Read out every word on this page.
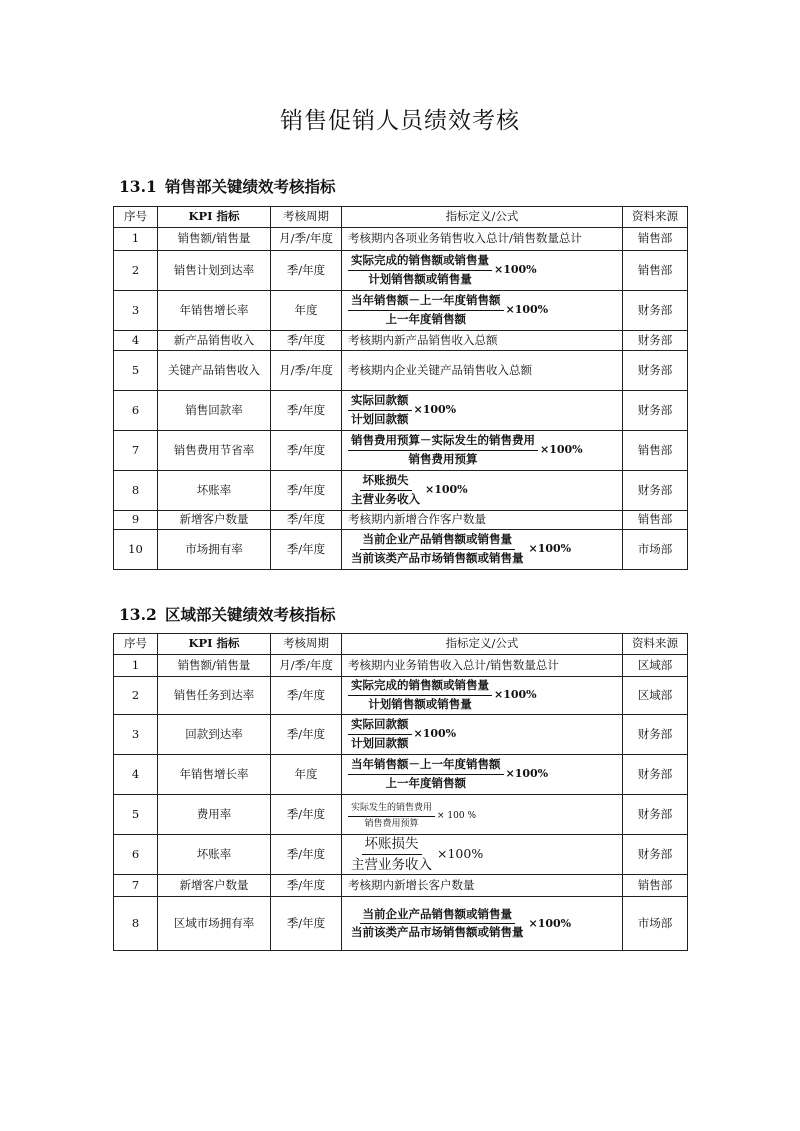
销售促销人员绩效考核
13.1 销售部关键绩效考核指标
序号	KPI 指标	考核周期	指标定义/公式	资料来源
1	销售额/销售量	月/季/年度	考核期内各项业务销售收入总计/销售数量总计	销售部
2	销售计划到达率	季/年度	$\frac{\text{实际完成的销售额或销售量}}{\text{计划销售额或销售量}} \times 100\%$	销售部
3	年销售增长率	年度	$\frac{\text{当年销售额－上一年度销售额}}{\text{上一年度销售额}} \times 100\%$	财务部
4	新产品销售收入	季/年度	考核期内新产品销售收入总额	财务部
5	关键产品销售收入	月/季/年度	考核期内企业关键产品销售收入总额	财务部
6	销售回款率	季/年度	$\frac{\text{实际回款额}}{\text{计划回款额}} \times 100\%$	财务部
7	销售费用节省率	季/年度	$\frac{\text{销售费用预算－实际发生的销售费用}}{\text{销售费用预算}} \times 100\%$	销售部
8	坏账率	季/年度	$\frac{\text{坏账损失}}{\text{主营业务收入}} \times 100\%$	财务部
9	新增客户数量	季/年度	考核期内新增合作客户数量	销售部
10	市场拥有率	季/年度	$\frac{\text{当前企业产品销售额或销售量}}{\text{当前该类产品市场销售额或销售量}} \times 100\%$	市场部
13.2 区域部关键绩效考核指标
序号	KPI 指标	考核周期	指标定义/公式	资料来源
1	销售额/销售量	月/季/年度	考核期内业务销售收入总计/销售数量总计	区域部
2	销售任务到达率	季/年度	$\frac{\text{实际完成的销售额或销售量}}{\text{计划销售额或销售量}} \times 100\%$	区域部
3	回款到达率	季/年度	$\frac{\text{实际回款额}}{\text{计划回款额}} \times 100\%$	财务部
4	年销售增长率	年度	$\frac{\text{当年销售额－上一年度销售额}}{\text{上一年度销售额}} \times 100\%$	财务部
5	费用率	季/年度	$\frac{\text{实际发生的销售费用}}{\text{销售费用预算}} \times 100$ %	财务部
6	坏账率	季/年度	$\frac{\text{坏账损失}}{\text{主营业务收入}} \times 100\%$	财务部
7	新增客户数量	季/年度	考核期内新增长客户数量	销售部
8	区域市场拥有率	季/年度	$\frac{\text{当前企业产品销售额或销售量}}{\text{当前该类产品市场销售额或销售量}} \times 100\%$	市场部
